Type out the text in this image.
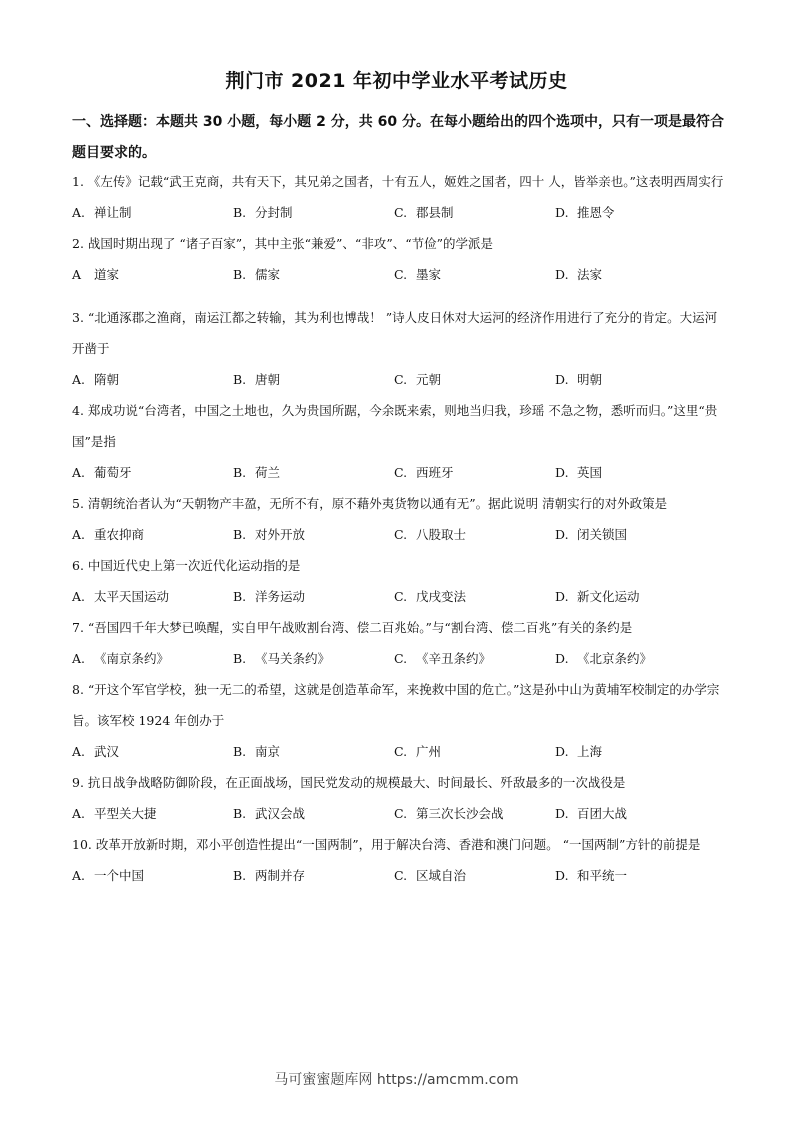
荆门市 2021 年初中学业水平考试历史
一、选择题：本题共 30 小题，每小题 2 分，共 60 分。在每小题给出的四个选项中，只有一项是最符合题目要求的。

1. 《左传》记载“武王克商，共有天下，其兄弟之国者，十有五人，姬姓之国者，四十 人，皆举亲也。”这表明西周实行

A. 禅让制	B. 分封制	C. 郡县制	D. 推恩令

2. 战国时期出现了 “诸子百家”，其中主张“兼爱”、“非攻”、“节俭”的学派是

A 道家	B. 儒家	C. 墨家	D. 法家

3. “北通涿郡之渔商，南运江都之转输，其为利也博哉！ ”诗人皮日休对大运河的经济作用进行了充分的肯定。大运河开凿于

A. 隋朝	B. 唐朝	C. 元朝	D. 明朝

4. 郑成功说“台湾者，中国之土地也，久为贵国所踞，今余既来索，则地当归我，珍瑶 不急之物，悉听而归。”这里“贵国”是指

A. 葡萄牙	B. 荷兰	C. 西班牙	D. 英国

5. 清朝统治者认为“天朝物产丰盈，无所不有，原不藉外夷货物以通有无”。据此说明 清朝实行的对外政策是

A. 重农抑商	B. 对外开放	C. 八股取士	D. 闭关锁国

6. 中国近代史上第一次近代化运动指的是

A. 太平天国运动	B. 洋务运动	C. 戊戌变法	D. 新文化运动

7. “吾国四千年大梦已唤醒，实自甲午战败割台湾、偿二百兆始。”与“割台湾、偿二百兆”有关的条约是

A. 《南京条约》	B. 《马关条约》	C. 《辛丑条约》	D. 《北京条约》

8. “开这个军官学校，独一无二的希望，这就是创造革命军，来挽救中国的危亡。”这是孙中山为黄埔军校制定的办学宗旨。该军校 1924 年创办于

A. 武汉	B. 南京	C. 广州	D. 上海

9. 抗日战争战略防御阶段，在正面战场，国民党发动的规模最大、时间最长、歼敌最多的一次战役是

A. 平型关大捷	B. 武汉会战	C. 第三次长沙会战	D. 百团大战

10. 改革开放新时期，邓小平创造性提出“一国两制”，用于解决台湾、香港和澳门问题。 “一国两制”方针的前提是

A. 一个中国	B. 两制并存	C. 区域自治	D. 和平统一
马可蜜蜜题库网 https://amcmm.com
